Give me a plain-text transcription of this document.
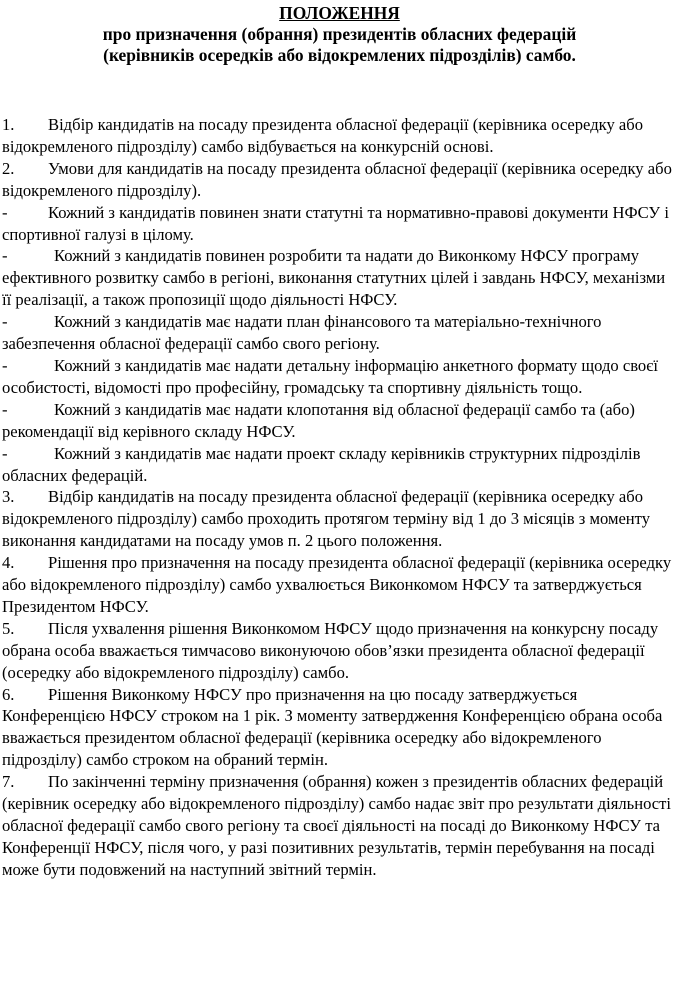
ПОЛОЖЕННЯ
про призначення (обрання) президентів обласних федерацій
(керівників осередків або відокремлених підрозділів) самбо.
1. Відбір кандидатів на посаду президента обласної федерації (керівника осередку або відокремленого підрозділу) самбо відбувається на конкурсній основі.
2. Умови для кандидатів на посаду президента обласної федерації (керівника осередку або відокремленого підрозділу).
- Кожний з кандидатів повинен знати статутні та нормативно-правові документи НФСУ і спортивної галузі в цілому.
-	Кожний з кандидатів повинен розробити та надати до Виконкому НФСУ програму ефективного розвитку самбо в регіоні, виконання статутних цілей і завдань НФСУ, механізми її реалізації, а також пропозиції щодо діяльності НФСУ.
-	Кожний з кандидатів має надати план фінансового та матеріально-технічного забезпечення обласної федерації самбо свого регіону.
-	Кожний з кандидатів має надати детальну інформацію анкетного формату щодо своєї особистості, відомості про професійну, громадську та спортивну діяльність тощо.
-	Кожний з кандидатів має надати клопотання від обласної федерації самбо та (або) рекомендації від керівного складу НФСУ.
-	Кожний з кандидатів має надати проект складу керівників структурних підрозділів обласних федерацій.
3. Відбір кандидатів на посаду президента обласної федерації (керівника осередку або відокремленого підрозділу) самбо проходить протягом терміну від 1 до 3 місяців з моменту виконання кандидатами на посаду умов п. 2 цього положення.
4. Рішення про призначення на посаду президента обласної федерації (керівника осередку або відокремленого підрозділу) самбо ухвалюється Виконкомом НФСУ та затверджується Президентом НФСУ.
5. Після ухвалення рішення Виконкомом НФСУ щодо призначення на конкурсну посаду обрана особа вважається тимчасово виконуючою обов’язки президента обласної федерації (осередку або відокремленого підрозділу) самбо.
6. Рішення Виконкому НФСУ про призначення на цю посаду затверджується Конференцією НФСУ строком на 1 рік. З моменту затвердження Конференцією обрана особа вважається президентом обласної федерації (керівника осередку або відокремленого підрозділу) самбо строком на обраний термін.
7. По закінченні терміну призначення (обрання) кожен з президентів обласних федерацій (керівник осередку або відокремленого підрозділу) самбо надає звіт про результати діяльності обласної федерації самбо свого регіону та своєї діяльності на посаді до Виконкому НФСУ та Конференції НФСУ, після чого, у разі позитивних результатів, термін перебування на посаді може бути подовжений на наступний звітний термін.
